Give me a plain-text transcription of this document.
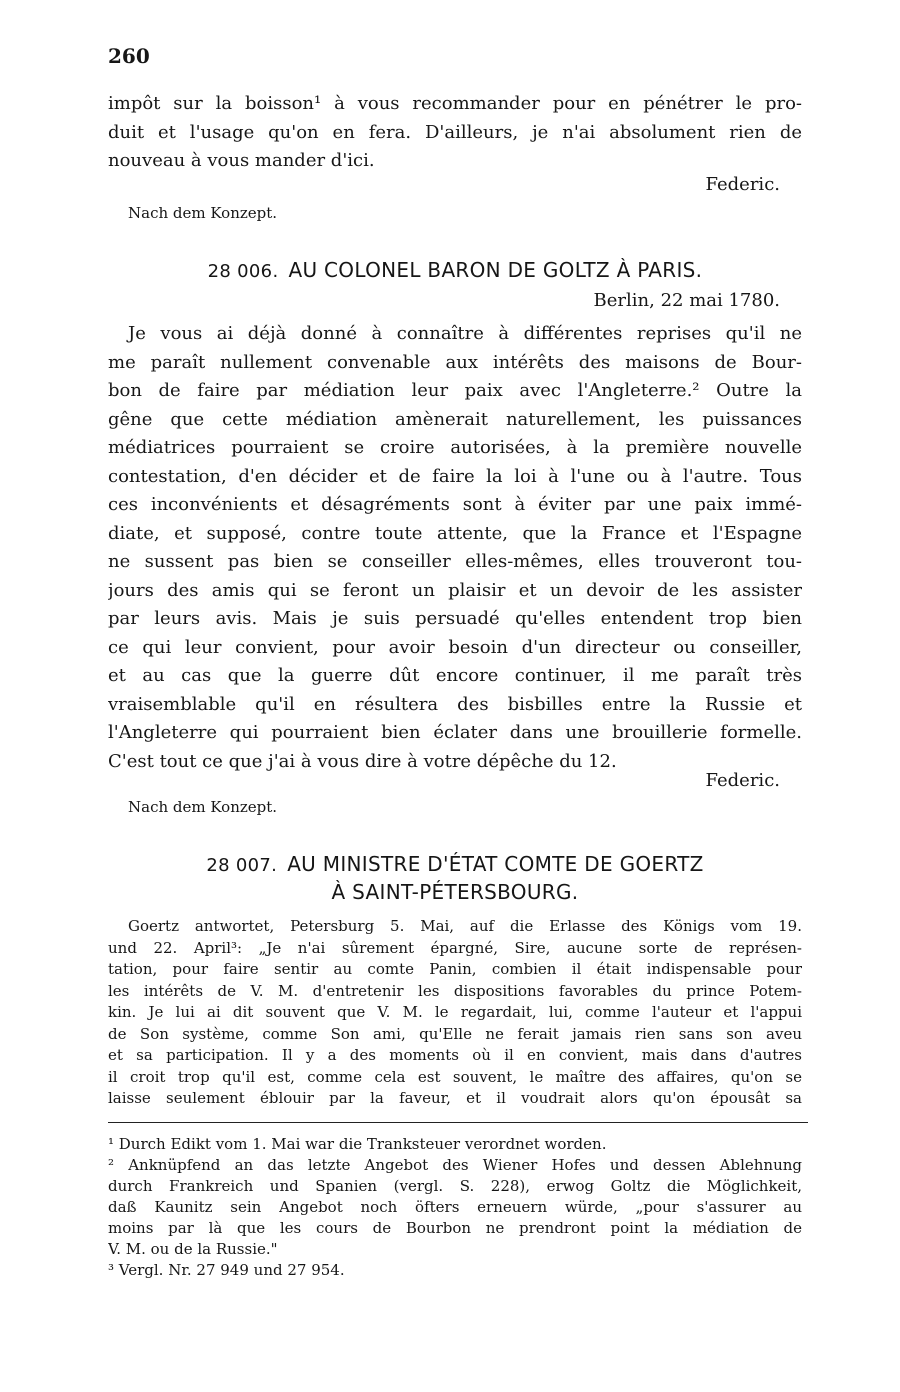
260
impôt sur la boisson¹ à vous recommander pour en pénétrer le pro-
duit et l'usage qu'on en fera. D'ailleurs, je n'ai absolument rien de
nouveau à vous mander d'ici.
Federic.
Nach dem Konzept.
28 006. AU COLONEL BARON DE GOLTZ À PARIS.
Berlin, 22 mai 1780.
Je vous ai déjà donné à connaître à différentes reprises qu'il ne
me paraît nullement convenable aux intérêts des maisons de Bour-
bon de faire par médiation leur paix avec l'Angleterre.² Outre la
gêne que cette médiation amènerait naturellement, les puissances
médiatrices pourraient se croire autorisées, à la première nouvelle
contestation, d'en décider et de faire la loi à l'une ou à l'autre. Tous
ces inconvénients et désagréments sont à éviter par une paix immé-
diate, et supposé, contre toute attente, que la France et l'Espagne
ne sussent pas bien se conseiller elles-mêmes, elles trouveront tou-
jours des amis qui se feront un plaisir et un devoir de les assister
par leurs avis. Mais je suis persuadé qu'elles entendent trop bien
ce qui leur convient, pour avoir besoin d'un directeur ou conseiller,
et au cas que la guerre dût encore continuer, il me paraît très
vraisemblable qu'il en résultera des bisbilles entre la Russie et
l'Angleterre qui pourraient bien éclater dans une brouillerie formelle.
C'est tout ce que j'ai à vous dire à votre dépêche du 12.
Federic.
Nach dem Konzept.
28 007. AU MINISTRE D'ÉTAT COMTE DE GOERTZ
À SAINT-PÉTERSBOURG.
Goertz antwortet, Petersburg 5. Mai, auf die Erlasse des Königs vom 19.
und 22. April³: „Je n'ai sûrement épargné, Sire, aucune sorte de représen-
tation, pour faire sentir au comte Panin, combien il était indispensable pour
les intérêts de V. M. d'entretenir les dispositions favorables du prince Potem-
kin. Je lui ai dit souvent que V. M. le regardait, lui, comme l'auteur et l'appui
de Son système, comme Son ami, qu'Elle ne ferait jamais rien sans son aveu
et sa participation. Il y a des moments où il en convient, mais dans d'autres
il croit trop qu'il est, comme cela est souvent, le maître des affaires, qu'on se
laisse seulement éblouir par la faveur, et il voudrait alors qu'on épousât sa
¹ Durch Edikt vom 1. Mai war die Tranksteuer verordnet worden.
² Anknüpfend an das letzte Angebot des Wiener Hofes und dessen Ablehnung
durch Frankreich und Spanien (vergl. S. 228), erwog Goltz die Möglichkeit,
daß Kaunitz sein Angebot noch öfters erneuern würde, „pour s'assurer au
moins par là que les cours de Bourbon ne prendront point la médiation de
V. M. ou de la Russie."
³ Vergl. Nr. 27 949 und 27 954.
